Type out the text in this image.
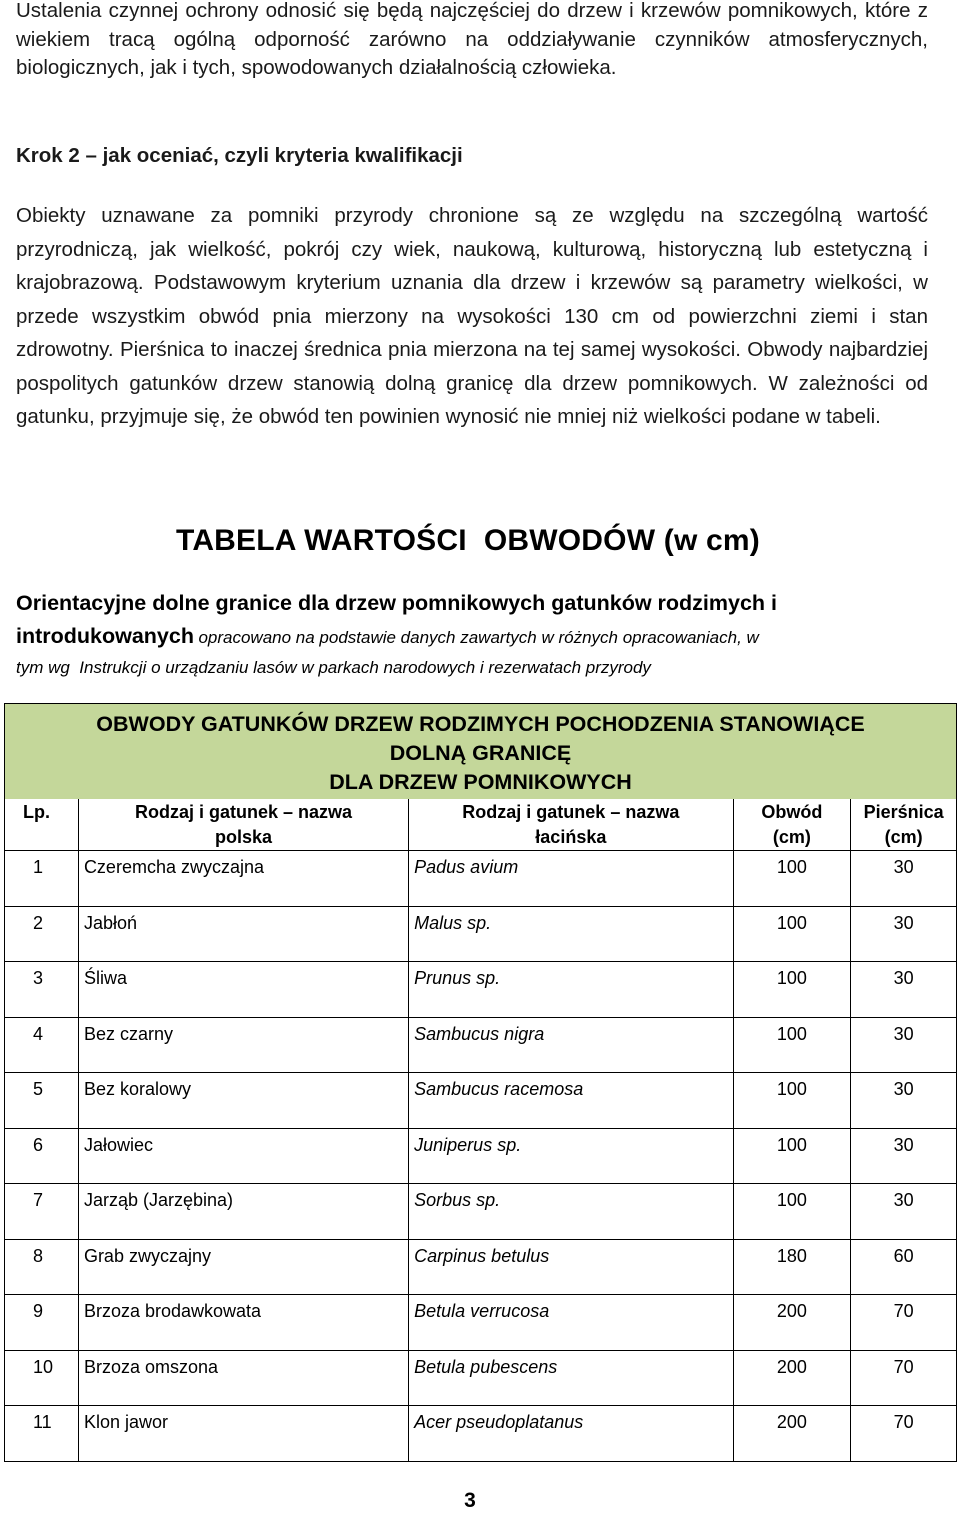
Ustalenia czynnej ochrony odnosić się będą najczęściej do drzew i krzewów pomnikowych, które z wiekiem tracą ogólną odporność zarówno na oddziaływanie czynników atmosferycznych, biologicznych, jak i tych, spowodowanych działalnością człowieka.

Krok 2 – jak oceniać, czyli kryteria kwalifikacji

Obiekty uznawane za pomniki przyrody chronione są ze względu na szczególną wartość przyrodniczą, jak wielkość, pokrój czy wiek, naukową, kulturową, historyczną lub estetyczną i krajobrazową. Podstawowym kryterium uznania dla drzew i krzewów są parametry wielkości, w przede wszystkim obwód pnia mierzony na wysokości 130 cm od powierzchni ziemi i stan zdrowotny. Pierśnica to inaczej średnica pnia mierzona na tej samej wysokości. Obwody najbardziej pospolitych gatunków drzew stanowią dolną granicę dla drzew pomnikowych. W zależności od gatunku, przyjmuje się, że obwód ten powinien wynosić nie mniej niż wielkości podane w tabeli.

TABELA WARTOŚCI  OBWODÓW (w cm)

Orientacyjne dolne granice dla drzew pomnikowych gatunków rodzimych i introdukowanych opracowano na podstawie danych zawartych w różnych opracowaniach, w
tym wg  Instrukcji o urządzaniu lasów w parkach narodowych i rezerwatach przyrody

OBWODY GATUNKÓW DRZEW RODZIMYCH POCHODZENIA STANOWIĄCE
DOLNĄ GRANICĘ
DLA DRZEW POMNIKOWYCH				

Lp.	Rodzaj i gatunek – nazwa polska	Rodzaj i gatunek – nazwa łacińska	Obwód (cm)	Pierśnica (cm)
1	Czeremcha zwyczajna	Padus avium	100	30
2	Jabłoń	Malus sp.	100	30
3	Śliwa	Prunus sp.	100	30
4	Bez czarny	Sambucus nigra	100	30
5	Bez koralowy	Sambucus racemosa	100	30
6	Jałowiec	Juniperus sp.	100	30
7	Jarząb (Jarzębina)	Sorbus sp.	100	30
8	Grab zwyczajny	Carpinus betulus	180	60
9	Brzoza brodawkowata	Betula verrucosa	200	70
10	Brzoza omszona	Betula pubescens	200	70
11	Klon jawor	Acer pseudoplatanus	200	70

3
